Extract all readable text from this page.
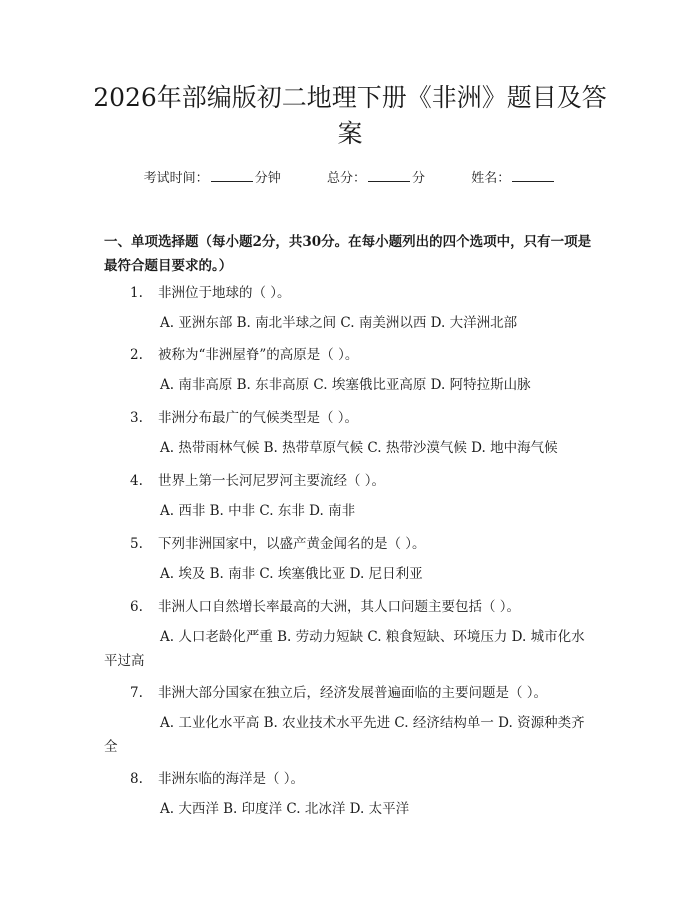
2026年部编版初二地理下册《非洲》题目及答案
考试时间：	分钟	总分：	分	姓名：

一、单项选择题（每小题2分，共30分。在每小题列出的四个选项中，只有一项是最符合题目要求的。）

1. 非洲位于地球的（ ）。
A. 亚洲东部 B. 南北半球之间 C. 南美洲以西 D. 大洋洲北部
2. 被称为“非洲屋脊”的高原是（ ）。
A. 南非高原 B. 东非高原 C. 埃塞俄比亚高原 D. 阿特拉斯山脉
3. 非洲分布最广的气候类型是（ ）。
A. 热带雨林气候 B. 热带草原气候 C. 热带沙漠气候 D. 地中海气候
4. 世界上第一长河尼罗河主要流经（ ）。
A. 西非 B. 中非 C. 东非 D. 南非
5. 下列非洲国家中，以盛产黄金闻名的是（ ）。
A. 埃及 B. 南非 C. 埃塞俄比亚 D. 尼日利亚
6. 非洲人口自然增长率最高的大洲，其人口问题主要包括（ ）。
A. 人口老龄化严重 B. 劳动力短缺 C. 粮食短缺、环境压力 D. 城市化水平过高
7. 非洲大部分国家在独立后，经济发展普遍面临的主要问题是（ ）。
A. 工业化水平高 B. 农业技术水平先进 C. 经济结构单一 D. 资源种类齐全
8. 非洲东临的海洋是（ ）。
A. 大西洋 B. 印度洋 C. 北冰洋 D. 太平洋
